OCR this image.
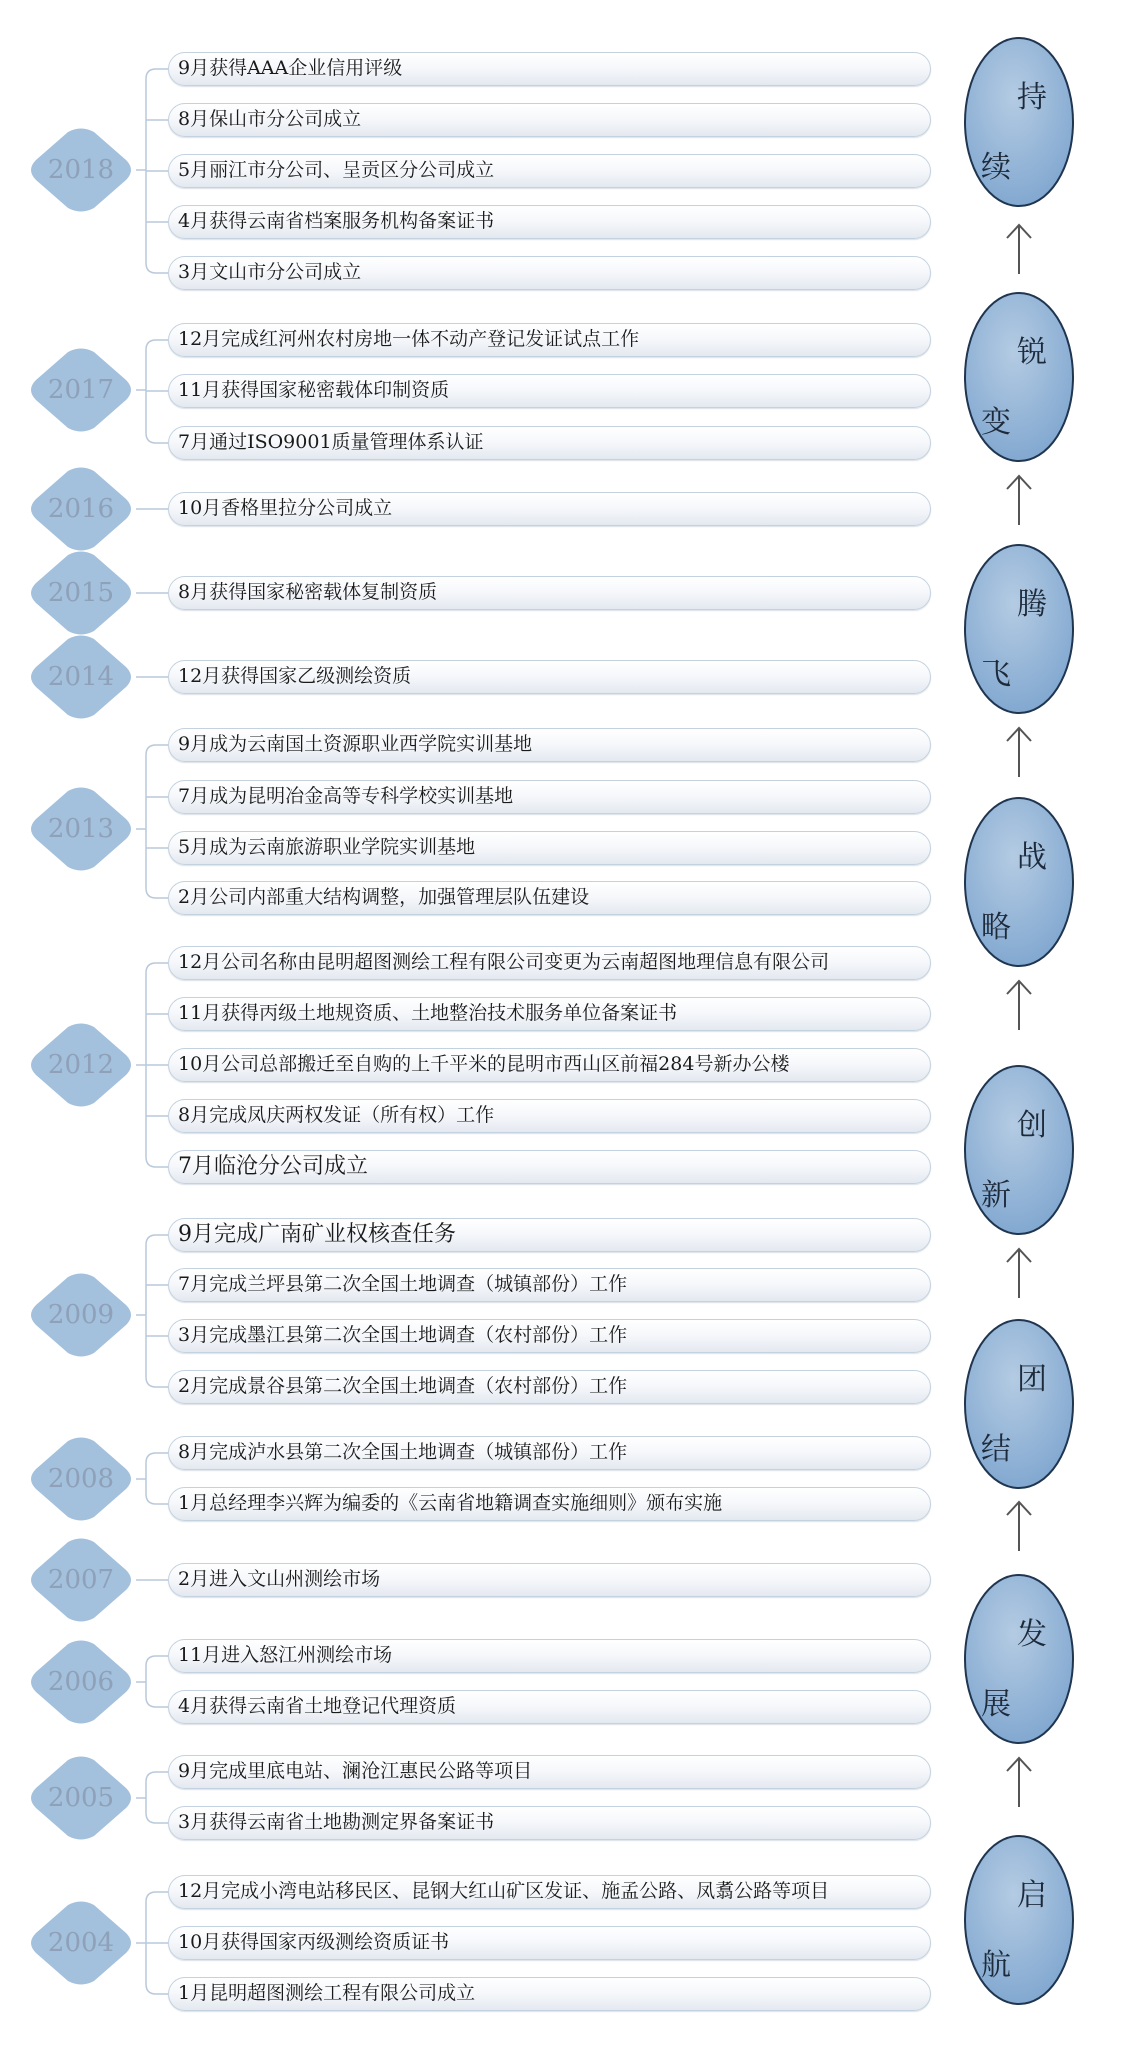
2018
9月获得AAA企业信用评级
8月保山市分公司成立
5月丽江市分公司、呈贡区分公司成立
4月获得云南省档案服务机构备案证书
3月文山市分公司成立
2017
12月完成红河州农村房地一体不动产登记发证试点工作
11月获得国家秘密载体印制资质
7月通过ISO9001质量管理体系认证
2016	10月香格里拉分公司成立
2015	8月获得国家秘密载体复制资质
2014	12月获得国家乙级测绘资质
2013
9月成为云南国土资源职业西学院实训基地
7月成为昆明冶金高等专科学校实训基地
5月成为云南旅游职业学院实训基地
2月公司内部重大结构调整，加强管理层队伍建设
2012
12月公司名称由昆明超图测绘工程有限公司变更为云南超图地理信息有限公司
11月获得丙级土地规资质、土地整治技术服务单位备案证书
10月公司总部搬迁至自购的上千平米的昆明市西山区前福284号新办公楼
8月完成凤庆两权发证（所有权）工作
7月临沧分公司成立
2009
9月完成广南矿业权核查任务
7月完成兰坪县第二次全国土地调查（城镇部份）工作
3月完成墨江县第二次全国土地调查（农村部份）工作
2月完成景谷县第二次全国土地调查（农村部份）工作
2008
8月完成泸水县第二次全国土地调查（城镇部份）工作
1月总经理李兴辉为编委的《云南省地籍调查实施细则》颁布实施
2007	2月进入文山州测绘市场
2006
11月进入怒江州测绘市场
4月获得云南省土地登记代理资质
2005
9月完成里底电站、澜沧江惠民公路等项目
3月获得云南省土地勘测定界备案证书
2004
12月完成小湾电站移民区、昆钢大红山矿区发证、施孟公路、凤翥公路等项目
10月获得国家丙级测绘资质证书
1月昆明超图测绘工程有限公司成立
持
续
锐
变
腾
飞
战
略
创
新
团
结
发
展
启
航
